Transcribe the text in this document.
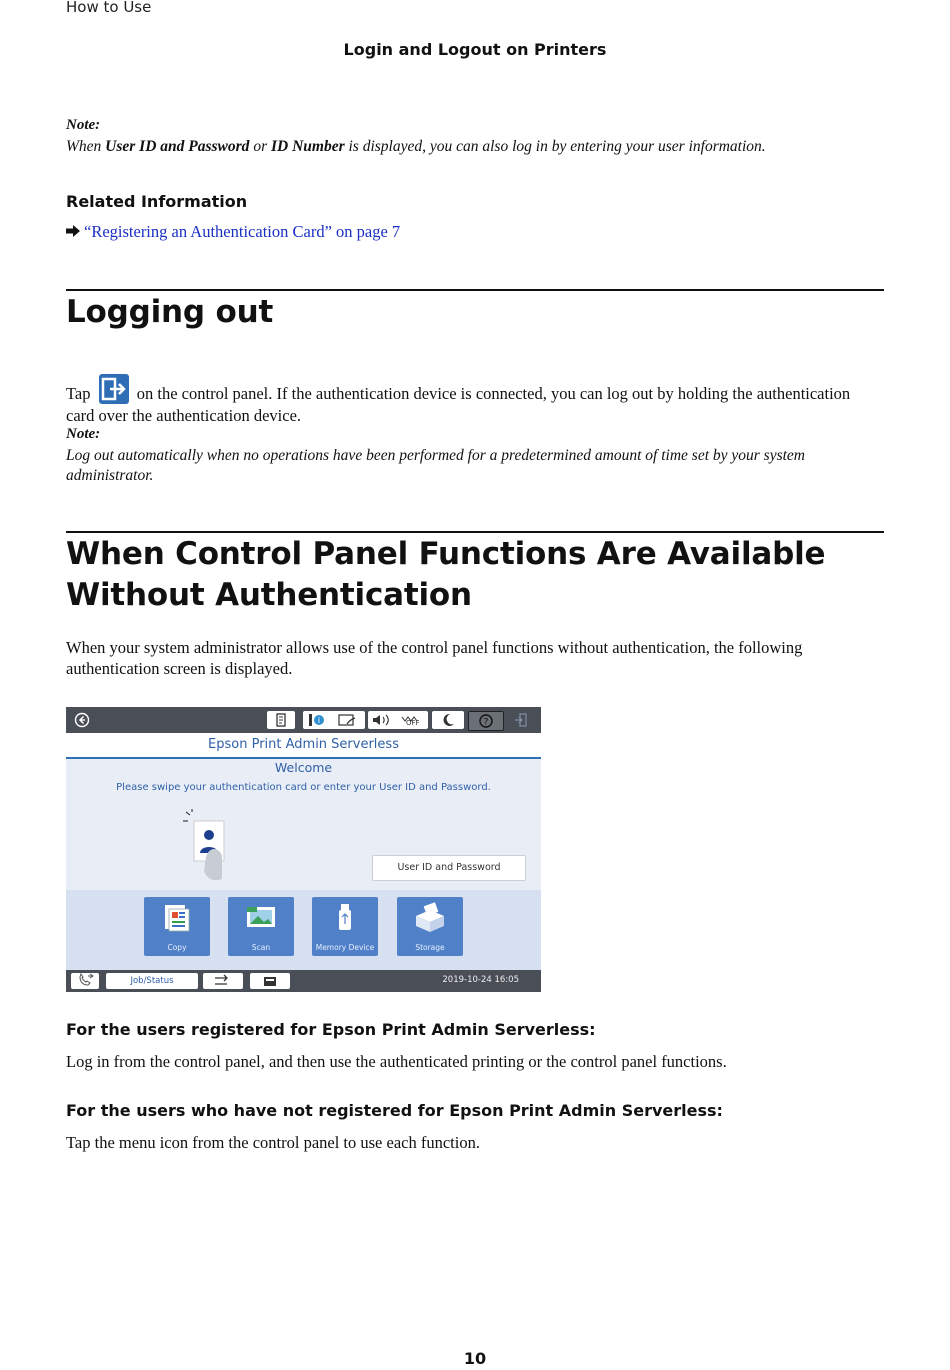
How to Use
Login and Logout on Printers
Note:
When User ID and Password or ID Number is displayed, you can also log in by entering your user information.
Related Information
“Registering an Authentication Card” on page 7
Logging out
Tap	on the control panel. If the authentication device is connected, you can log out by holding the authentication card over the authentication device.
Note:
Log out automatically when no operations have been performed for a predetermined amount of time set by your system administrator.
When Control Panel Functions Are Available Without Authentication
When your system administrator allows use of the control panel functions without authentication, the following authentication screen is displayed.
i	OFF	?
Epson Print Admin Serverless
Welcome
Please swipe your authentication card or enter your User ID and Password.
User ID and Password
Copy	Scan	Memory Device	Storage
Job/Status	2019-10-24 16:05
For the users registered for Epson Print Admin Serverless:
Log in from the control panel, and then use the authenticated printing or the control panel functions.
For the users who have not registered for Epson Print Admin Serverless:
Tap the menu icon from the control panel to use each function.
10
